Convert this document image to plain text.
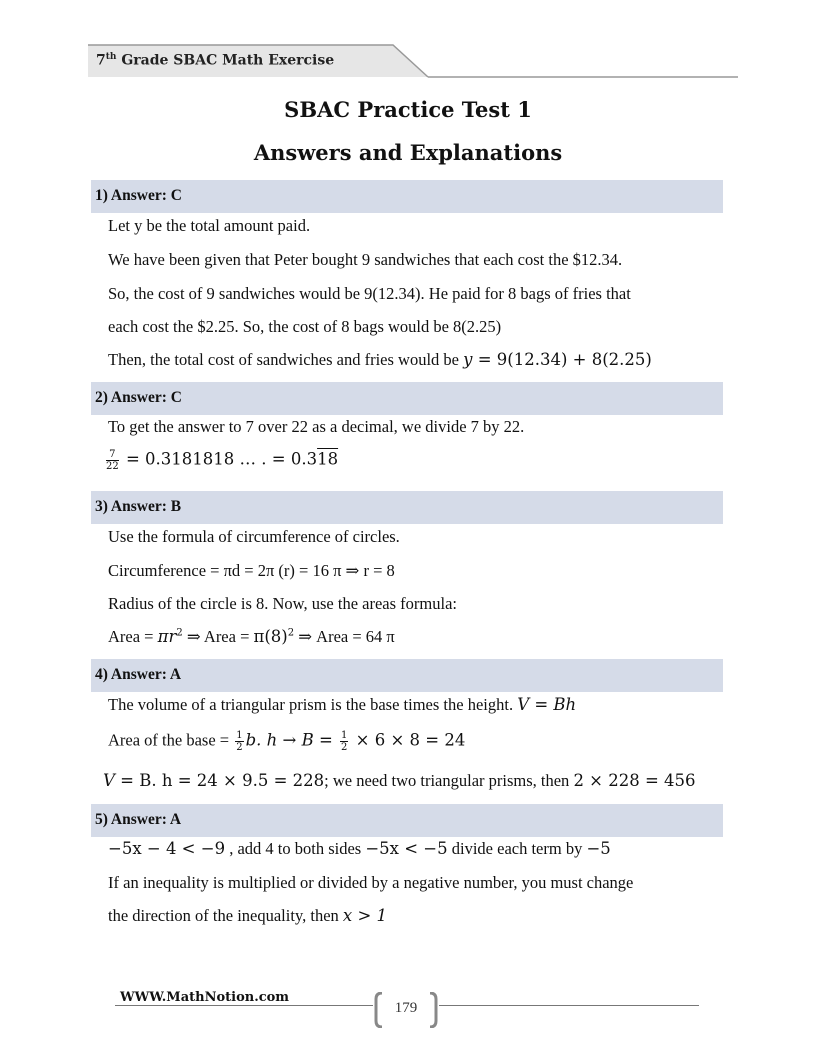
7th Grade SBAC Math Exercise
SBAC Practice Test 1
Answers and Explanations
1) Answer: C
Let y be the total amount paid.
We have been given that Peter bought 9 sandwiches that each cost the $12.34.
So, the cost of 9 sandwiches would be 9(12.34). He paid for 8 bags of fries that
each cost the $2.25. So, the cost of 8 bags would be 8(2.25)
Then, the total cost of sandwiches and fries would be y = 9(12.34) + 8(2.25)
2) Answer: C
To get the answer to 7 over 22 as a decimal, we divide 7 by 22.
$\frac{7}{22} = 0.3181818$ … . = 0.318
3) Answer: B
Use the formula of circumference of circles.
Circumference = πd = 2π (r) = 16 π ⇒ r = 8
Radius of the circle is 8. Now, use the areas formula:
Area = $\pi r^2$ ⇒ Area = $\pi(8)^2$ ⇒ Area = 64 π
4) Answer: A
The volume of a triangular prism is the base times the height. V = Bh
Area of the base = $\frac{1}{2} b$. $h \to B = \frac{1}{2} \times 6 \times 8 = 24$
V = B. h = 24 × 9.5 = 228; we need two triangular prisms, then 2 × 228 = 456
5) Answer: A
−5x − 4 < −9 , add 4 to both sides −5x < −5 divide each term by −5
If an inequality is multiplied or divided by a negative number, you must change
the direction of the inequality, then x > 1
WWW.MathNotion.com
179
